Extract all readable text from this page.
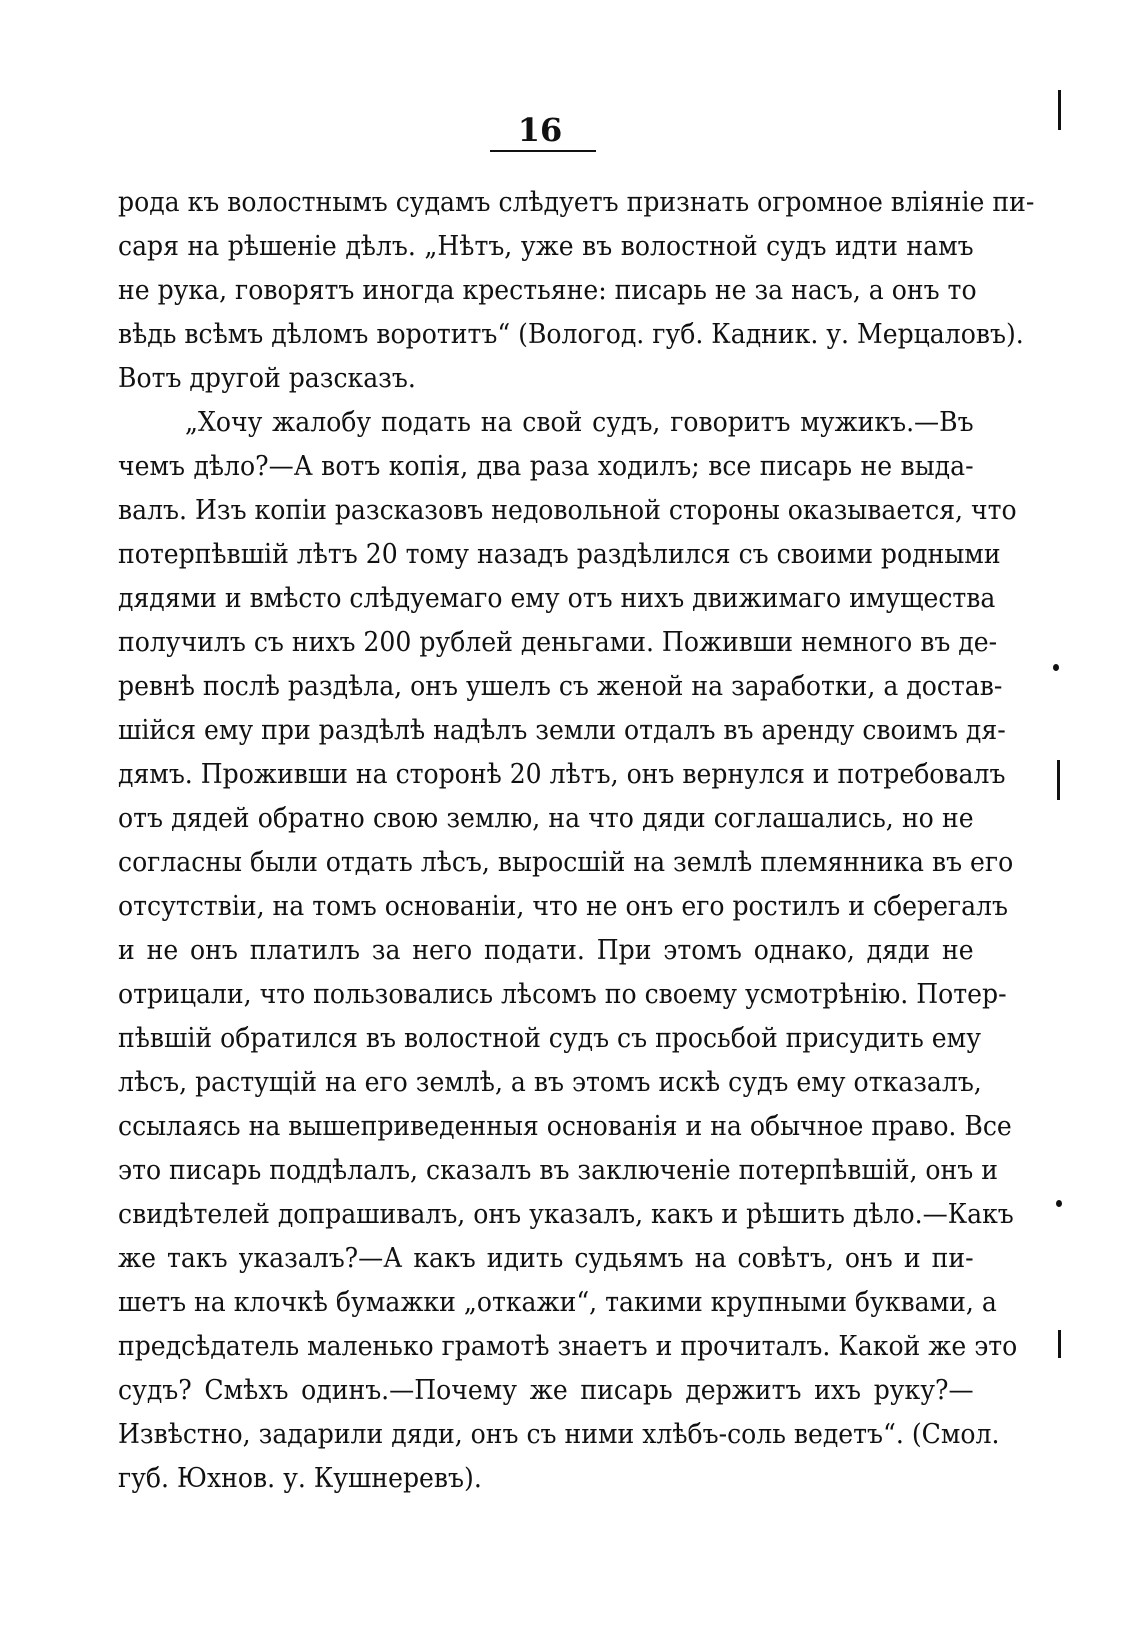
16
рода къ волостнымъ судамъ слѣдуетъ признать огромное вліяніе пи-
саря на рѣшеніе дѣлъ. „Нѣтъ, уже въ волостной судъ идти намъ
не рука, говорятъ иногда крестьяне: писарь не за насъ, а онъ то
вѣдь всѣмъ дѣломъ воротитъ“ (Вологод. губ. Кадник. у. Мерцаловъ).
Вотъ другой разсказъ.
„Хочу жалобу подать на свой судъ, говоритъ мужикъ.—Въ
чемъ дѣло?—А вотъ копія, два раза ходилъ; все писарь не выда-
валъ. Изъ копіи разсказовъ недовольной стороны оказывается, что
потерпѣвшій лѣтъ 20 тому назадъ раздѣлился съ своими родными
дядями и вмѣсто слѣдуемаго ему отъ нихъ движимаго имущества
получилъ съ нихъ 200 рублей деньгами. Поживши немного въ де-
ревнѣ послѣ раздѣла, онъ ушелъ съ женой на заработки, а достав-
шійся ему при раздѣлѣ надѣлъ земли отдалъ въ аренду своимъ дя-
дямъ. Проживши на сторонѣ 20 лѣтъ, онъ вернулся и потребовалъ
отъ дядей обратно свою землю, на что дяди соглашались, но не
согласны были отдать лѣсъ, выросшій на землѣ племянника въ его
отсутствіи, на томъ основаніи, что не онъ его ростилъ и сберегалъ
и не онъ платилъ за него подати. При этомъ однако, дяди не
отрицали, что пользовались лѣсомъ по своему усмотрѣнію. Потер-
пѣвшій обратился въ волостной судъ съ просьбой присудить ему
лѣсъ, растущій на его землѣ, а въ этомъ искѣ судъ ему отказалъ,
ссылаясь на вышеприведенныя основанія и на обычное право. Все
это писарь поддѣлалъ, сказалъ въ заключеніе потерпѣвшій, онъ и
свидѣтелей допрашивалъ, онъ указалъ, какъ и рѣшить дѣло.—Какъ
же такъ указалъ?—А какъ идить судьямъ на совѣтъ, онъ и пи-
шетъ на клочкѣ бумажки „откажи“, такими крупными буквами, а
предсѣдатель маленько грамотѣ знаетъ и прочиталъ. Какой же это
судъ? Смѣхъ одинъ.—Почему же писарь держитъ ихъ руку?—
Извѣстно, задарили дяди, онъ съ ними хлѣбъ-соль ведетъ“. (Смол.
губ. Юхнов. у. Кушнеревъ).
